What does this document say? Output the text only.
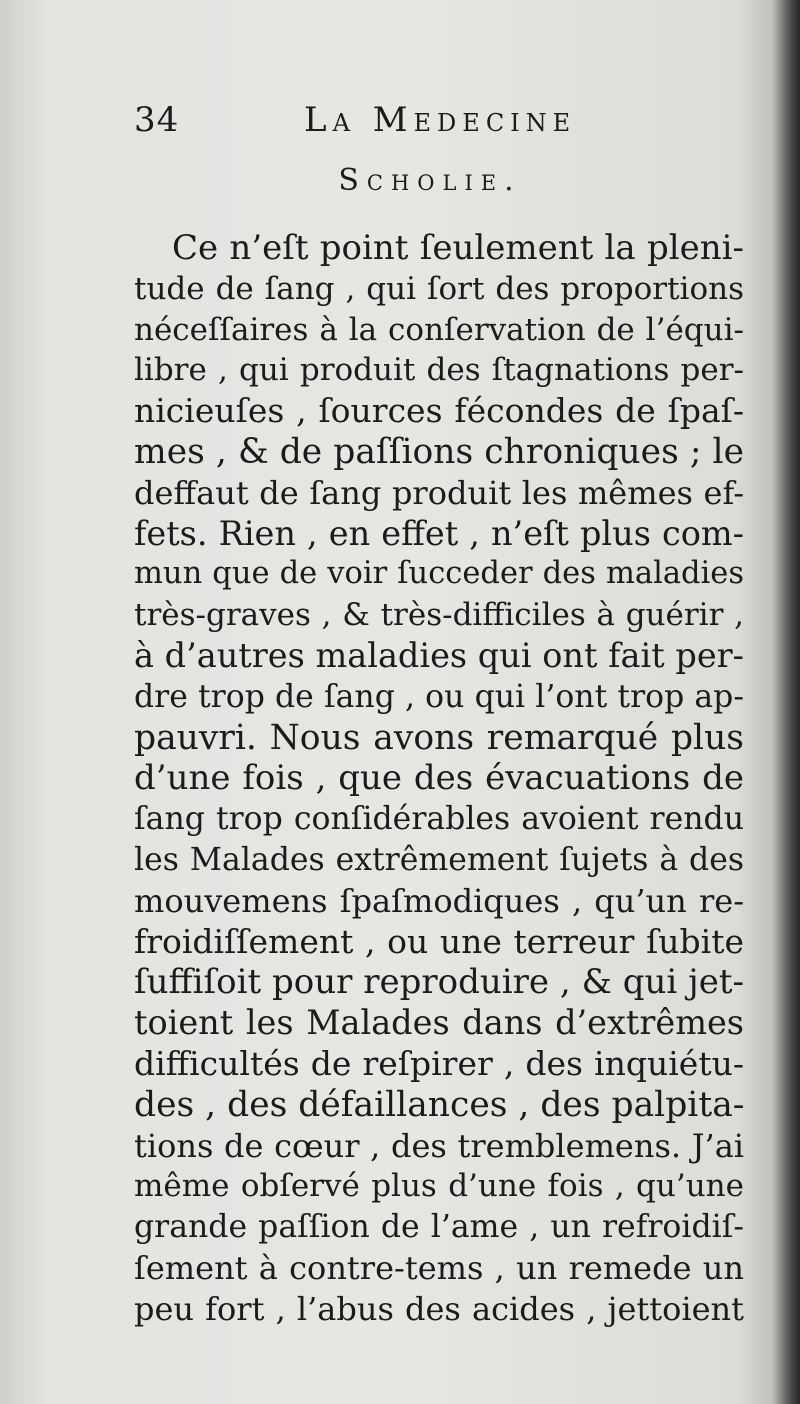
34	La Medecine
Scholie.
Ce n’eſt point ſeulement la pleni-
tude de ſang , qui ſort des proportions
néceſſaires à la conſervation de l’équi-
libre , qui produit des ſtagnations per-
nicieuſes , ſources fécondes de ſpaſ-
mes , & de paſſions chroniques ; le
deffaut de ſang produit les mêmes ef-
fets. Rien , en effet , n’eſt plus com-
mun que de voir ſucceder des maladies
très-graves , & très-difficiles à guérir ,
à d’autres maladies qui ont fait per-
dre trop de ſang , ou qui l’ont trop ap-
pauvri. Nous avons remarqué plus
d’une fois , que des évacuations de
ſang trop conſidérables avoient rendu
les Malades extrêmement ſujets à des
mouvemens ſpaſmodiques , qu’un re-
froidiſſement , ou une terreur ſubite
ſuffiſoit pour reproduire , & qui jet-
toient les Malades dans d’extrêmes
difficultés de reſpirer , des inquiétu-
des , des défaillances , des palpita-
tions de cœur , des tremblemens. J’ai
même obſervé plus d’une fois , qu’une
grande paſſion de l’ame , un refroidiſ-
ſement à contre-tems , un remede un
peu fort , l’abus des acides , jettoient
